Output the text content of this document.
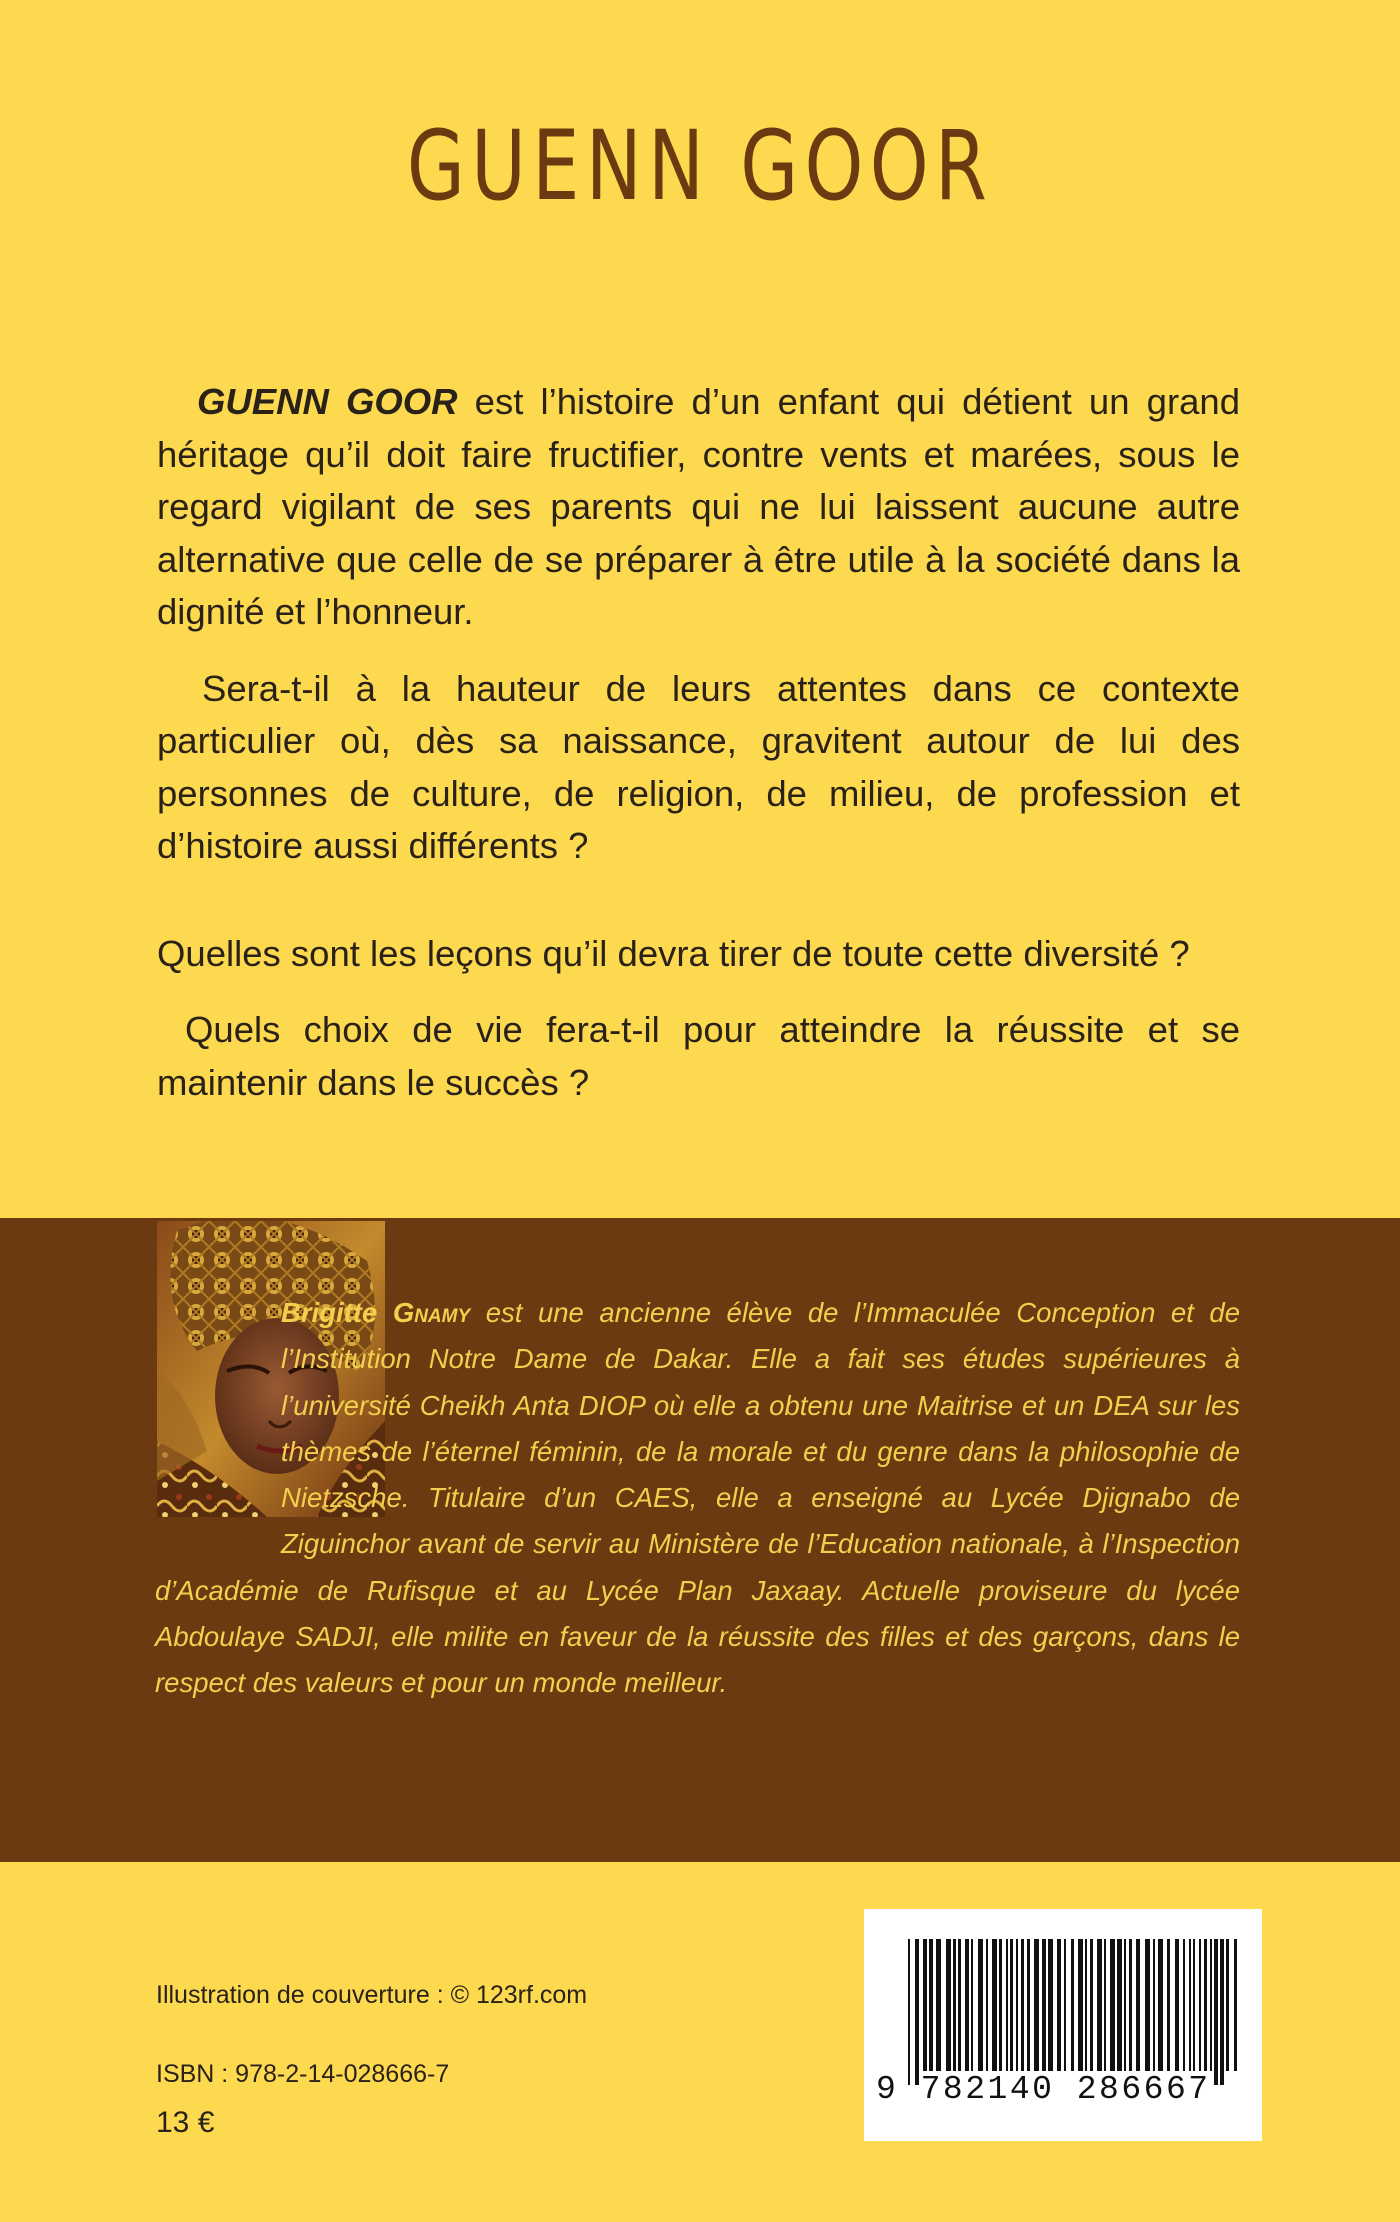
GUENN GOOR

GUENN GOOR est l’histoire d’un enfant qui détient un grand héritage qu’il doit faire fructifier, contre vents et marées, sous le regard vigilant de ses parents qui ne lui laissent aucune autre alternative que celle de se préparer à être utile à la société dans la dignité et l’honneur.

Sera-t-il à la hauteur de leurs attentes dans ce contexte particulier où, dès sa naissance, gravitent autour de lui des personnes de culture, de religion, de milieu, de profession et d’histoire aussi différents ?

Quelles sont les leçons qu’il devra tirer de toute cette diversité ?

Quels choix de vie fera-t-il pour atteindre la réussite et se maintenir dans le succès ?

Brigitte Gnamy est une ancienne élève de l’Immaculée Conception et de l’Institution Notre Dame de Dakar. Elle a fait ses études supérieures à l’université Cheikh Anta DIOP où elle a obtenu une Maitrise et un DEA sur les thèmes de l’éternel féminin, de la morale et du genre dans la philosophie de Nietzsche. Titulaire d’un CAES, elle a enseigné au Lycée Djignabo de Ziguinchor avant de servir au Ministère de l’Education nationale, à l’Inspection d’Académie de Rufisque et au Lycée Plan Jaxaay. Actuelle proviseure du lycée Abdoulaye SADJI, elle milite en faveur de la réussite des filles et des garçons, dans le respect des valeurs et pour un monde meilleur.
Illustration de couverture : © 123rf.com
ISBN : 978-2-14-028666-7
13 €
9 782140 286667
